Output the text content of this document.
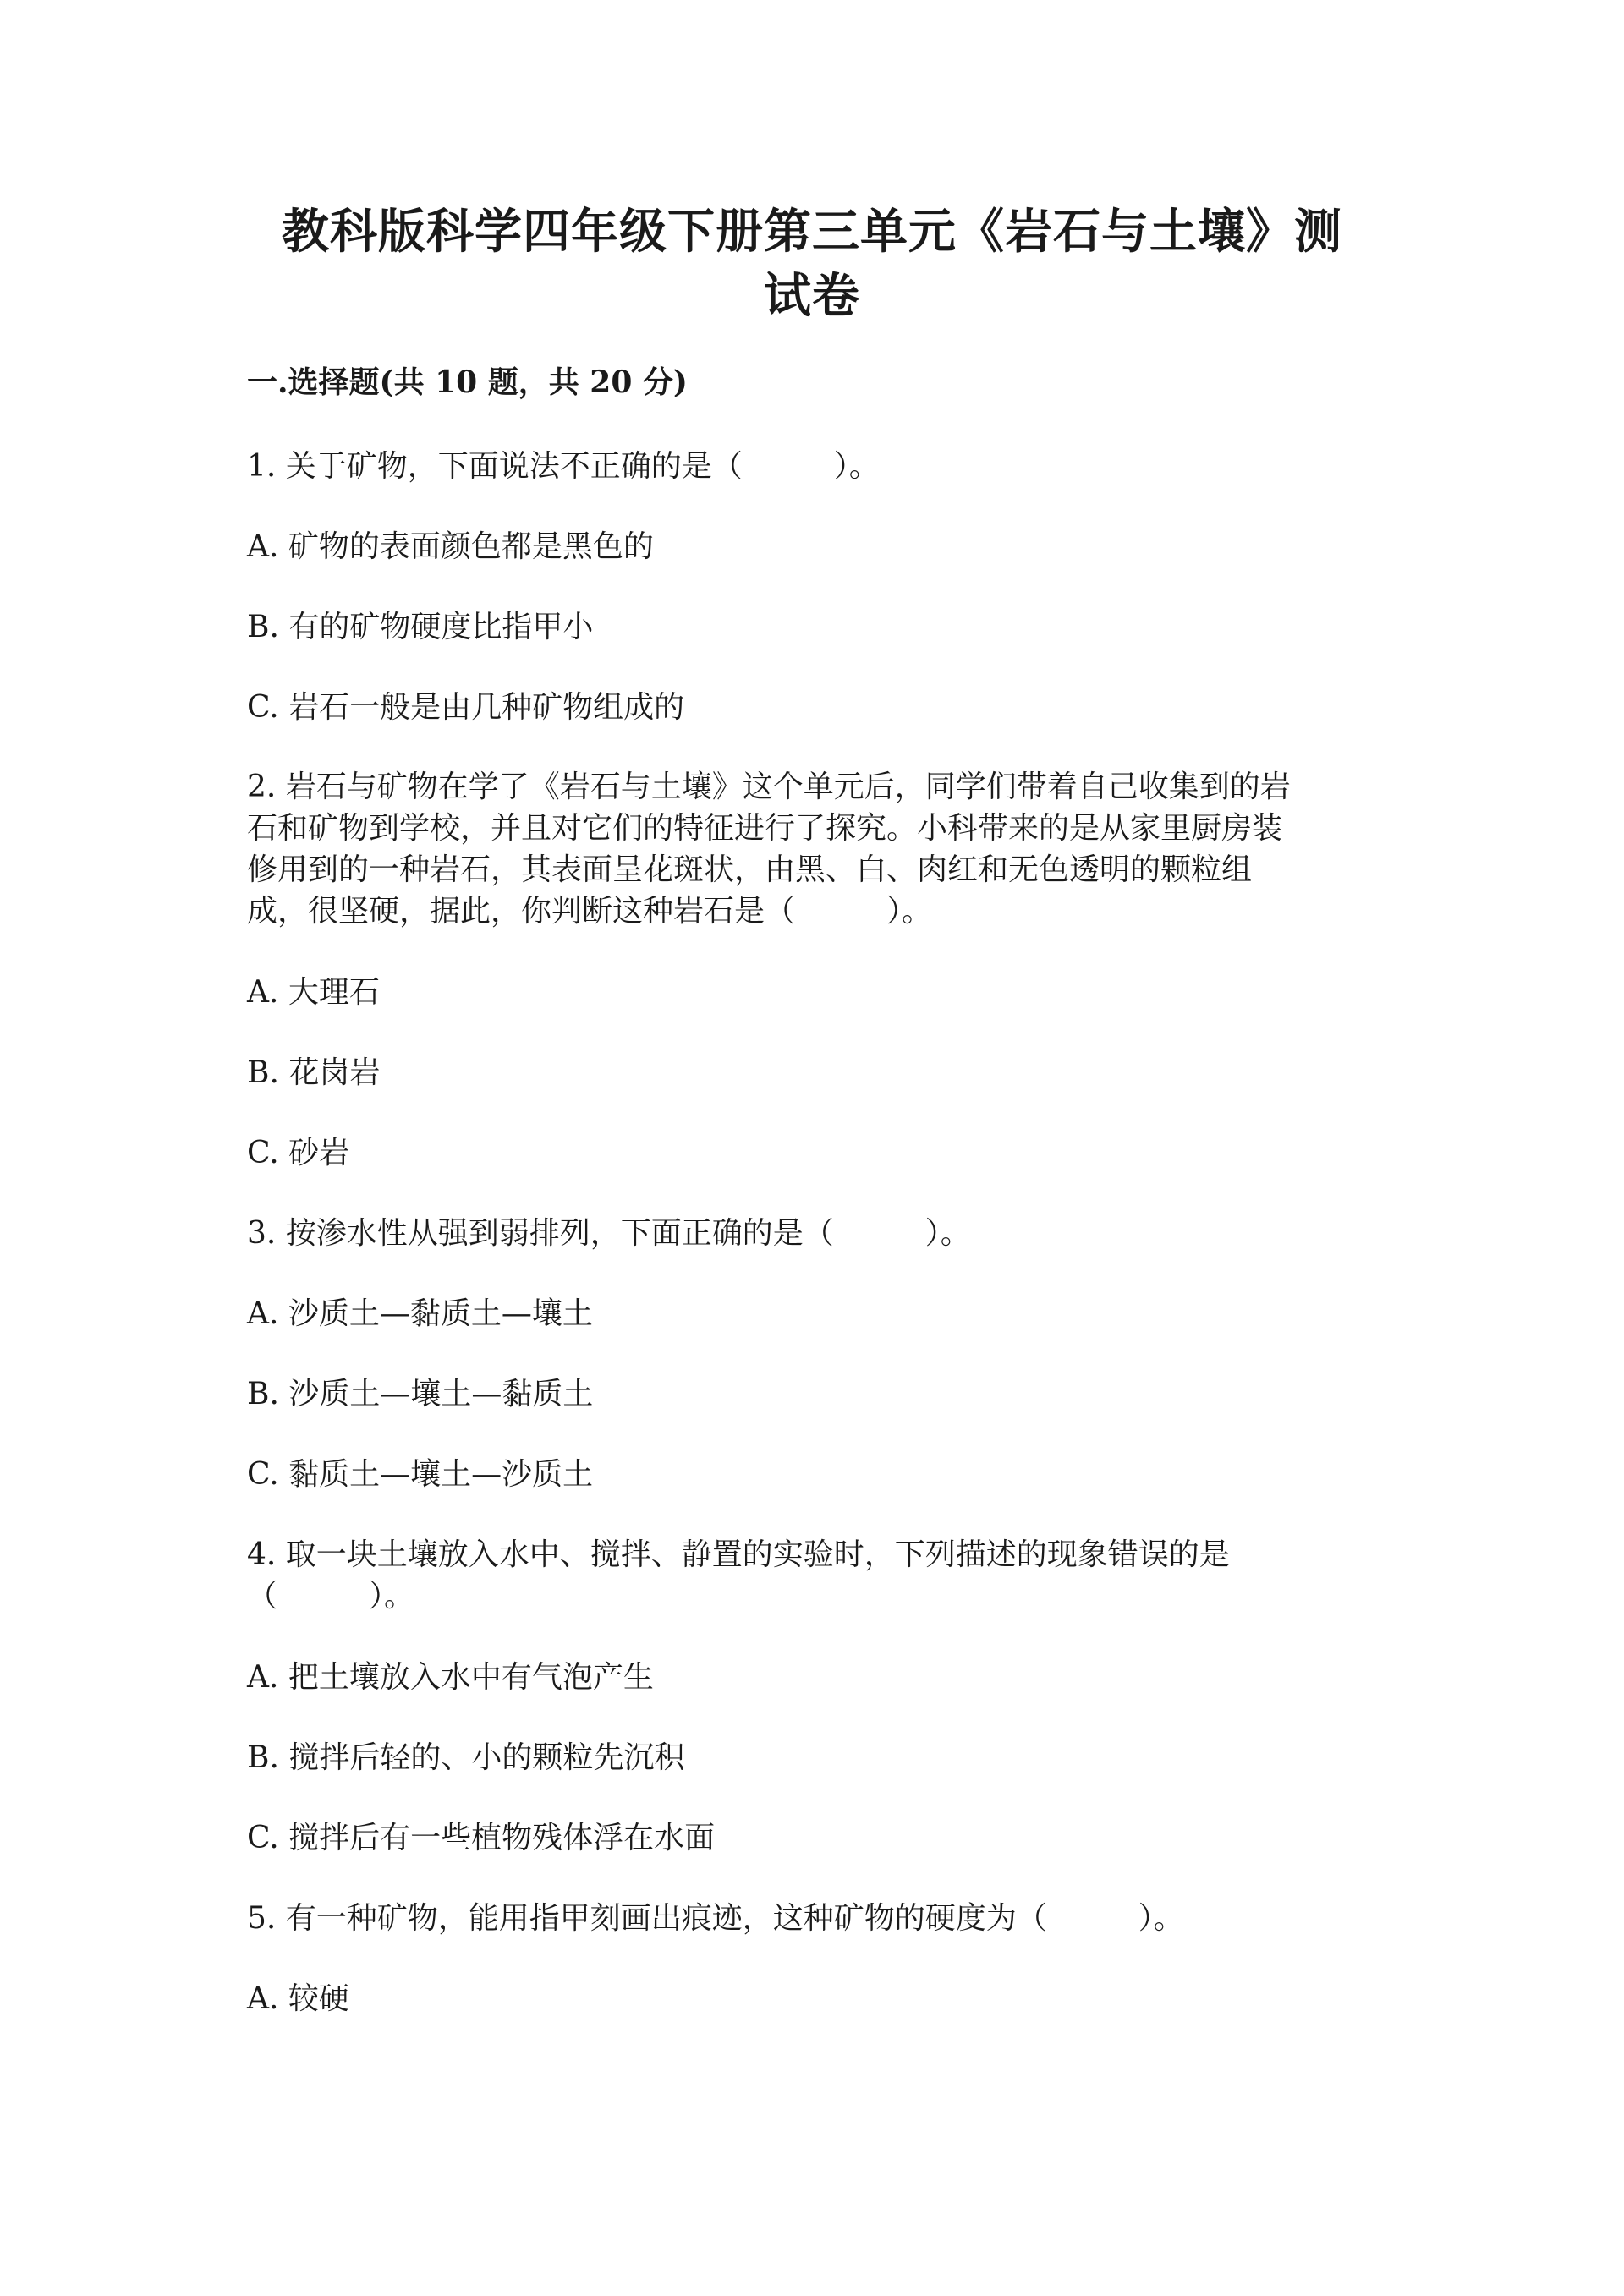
教科版科学四年级下册第三单元《岩石与土壤》测
试卷
一.选择题(共 10 题，共 20 分)

1. 关于矿物，下面说法不正确的是（　　　）。

A. 矿物的表面颜色都是黑色的

B. 有的矿物硬度比指甲小

C. 岩石一般是由几种矿物组成的

2. 岩石与矿物在学了《岩石与土壤》这个单元后，同学们带着自己收集到的岩

石和矿物到学校，并且对它们的特征进行了探究。小科带来的是从家里厨房装

修用到的一种岩石，其表面呈花斑状，由黑、白、肉红和无色透明的颗粒组

成，很坚硬，据此，你判断这种岩石是（　　　）。

A. 大理石

B. 花岗岩

C. 砂岩

3. 按渗水性从强到弱排列，下面正确的是（　　　）。

A. 沙质土—黏质土—壤土

B. 沙质土—壤土—黏质土

C. 黏质土—壤土—沙质土

4. 取一块土壤放入水中、搅拌、静置的实验时，下列描述的现象错误的是

（　　　）。

A. 把土壤放入水中有气泡产生

B. 搅拌后轻的、小的颗粒先沉积

C. 搅拌后有一些植物残体浮在水面

5. 有一种矿物，能用指甲刻画出痕迹，这种矿物的硬度为（　　　）。

A. 较硬
